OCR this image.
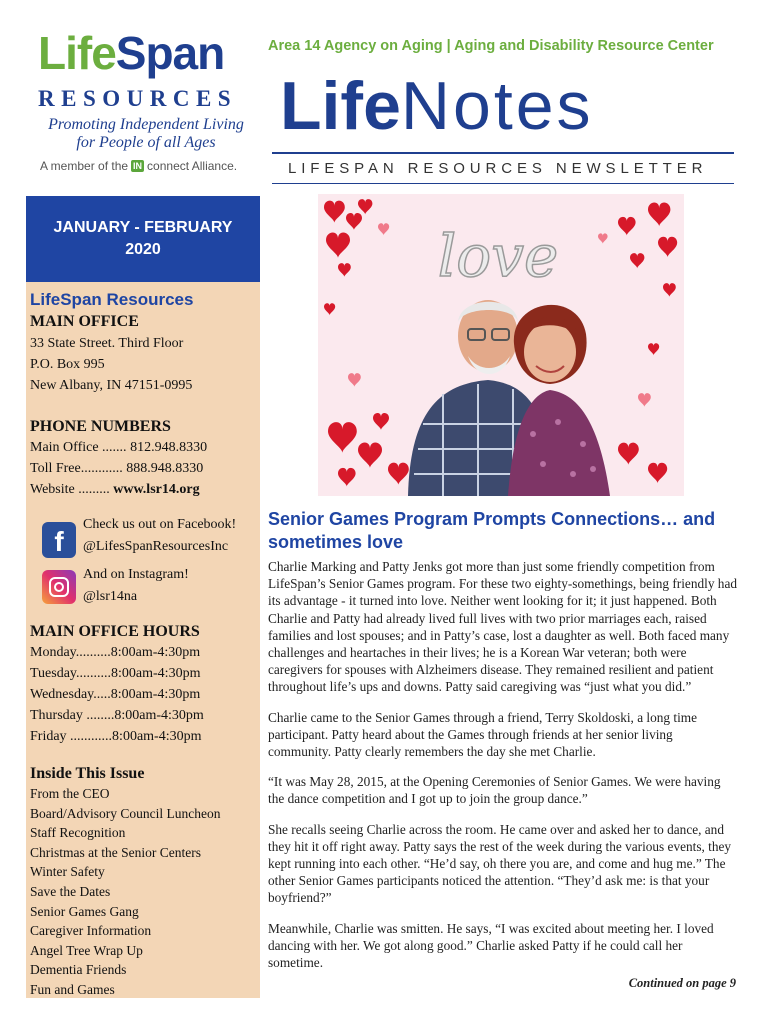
LifeSpan
RESOURCES
Promoting Independent Living
for People of all Ages
A member of the IN connect Alliance.
Area 14 Agency on Aging | Aging and Disability Resource Center
LifeNotes
LIFESPAN RESOURCES NEWSLETTER
JANUARY - FEBRUARY
2020
LifeSpan Resources
MAIN OFFICE
33 State Street. Third Floor
P.O. Box 995
New Albany, IN 47151-0995
PHONE NUMBERS
Main Office ....... 812.948.8330
Toll Free............ 888.948.8330
Website ......... www.lsr14.org
f
Check us out on Facebook!
@LifesSpanResourcesInc
And on Instagram!
@lsr14na
MAIN OFFICE HOURS
Monday..........8:00am-4:30pm
Tuesday..........8:00am-4:30pm
Wednesday.....8:00am-4:30pm
Thursday ........8:00am-4:30pm
Friday ............8:00am-4:30pm
Inside This Issue
From the CEO
Board/Advisory Council Luncheon
Staff Recognition
Christmas at the Senior Centers
Winter Safety
Save the Dates
Senior Games Gang
Caregiver Information
Angel Tree Wrap Up
Dementia Friends
Fun and Games
love
Senior Games Program Prompts Connections… and sometimes love

Charlie Marking and Patty Jenks got more than just some friendly competition from LifeSpan’s Senior Games program. For these two eighty-somethings, being friendly had its advantage - it turned into love. Neither went looking for it; it just happened. Both Charlie and Patty had already lived full lives with two prior marriages each, raised families and lost spouses; and in Patty’s case, lost a daughter as well. Both faced many challenges and heartaches in their lives; he is a Korean War veteran; both were caregivers for spouses with Alzheimers disease. They remained resilient and patient throughout life’s ups and downs. Patty said caregiving was “just what you did.”

Charlie came to the Senior Games through a friend, Terry Skoldoski, a long time participant. Patty heard about the Games through friends at her senior living community. Patty clearly remembers the day she met Charlie.

“It was May 28, 2015, at the Opening Ceremonies of Senior Games. We were having the dance competition and I got up to join the group dance.”

She recalls seeing Charlie across the room. He came over and asked her to dance, and they hit it off right away. Patty says the rest of the week during the various events, they kept running into each other. “He’d say, oh there you are, and come and hug me.” The other Senior Games participants noticed the attention. “They’d ask me: is that your boyfriend?”

Meanwhile, Charlie was smitten. He says, “I was excited about meeting her. I loved dancing with her. We got along good.” Charlie asked Patty if he could call her sometime.

Continued on page 9
